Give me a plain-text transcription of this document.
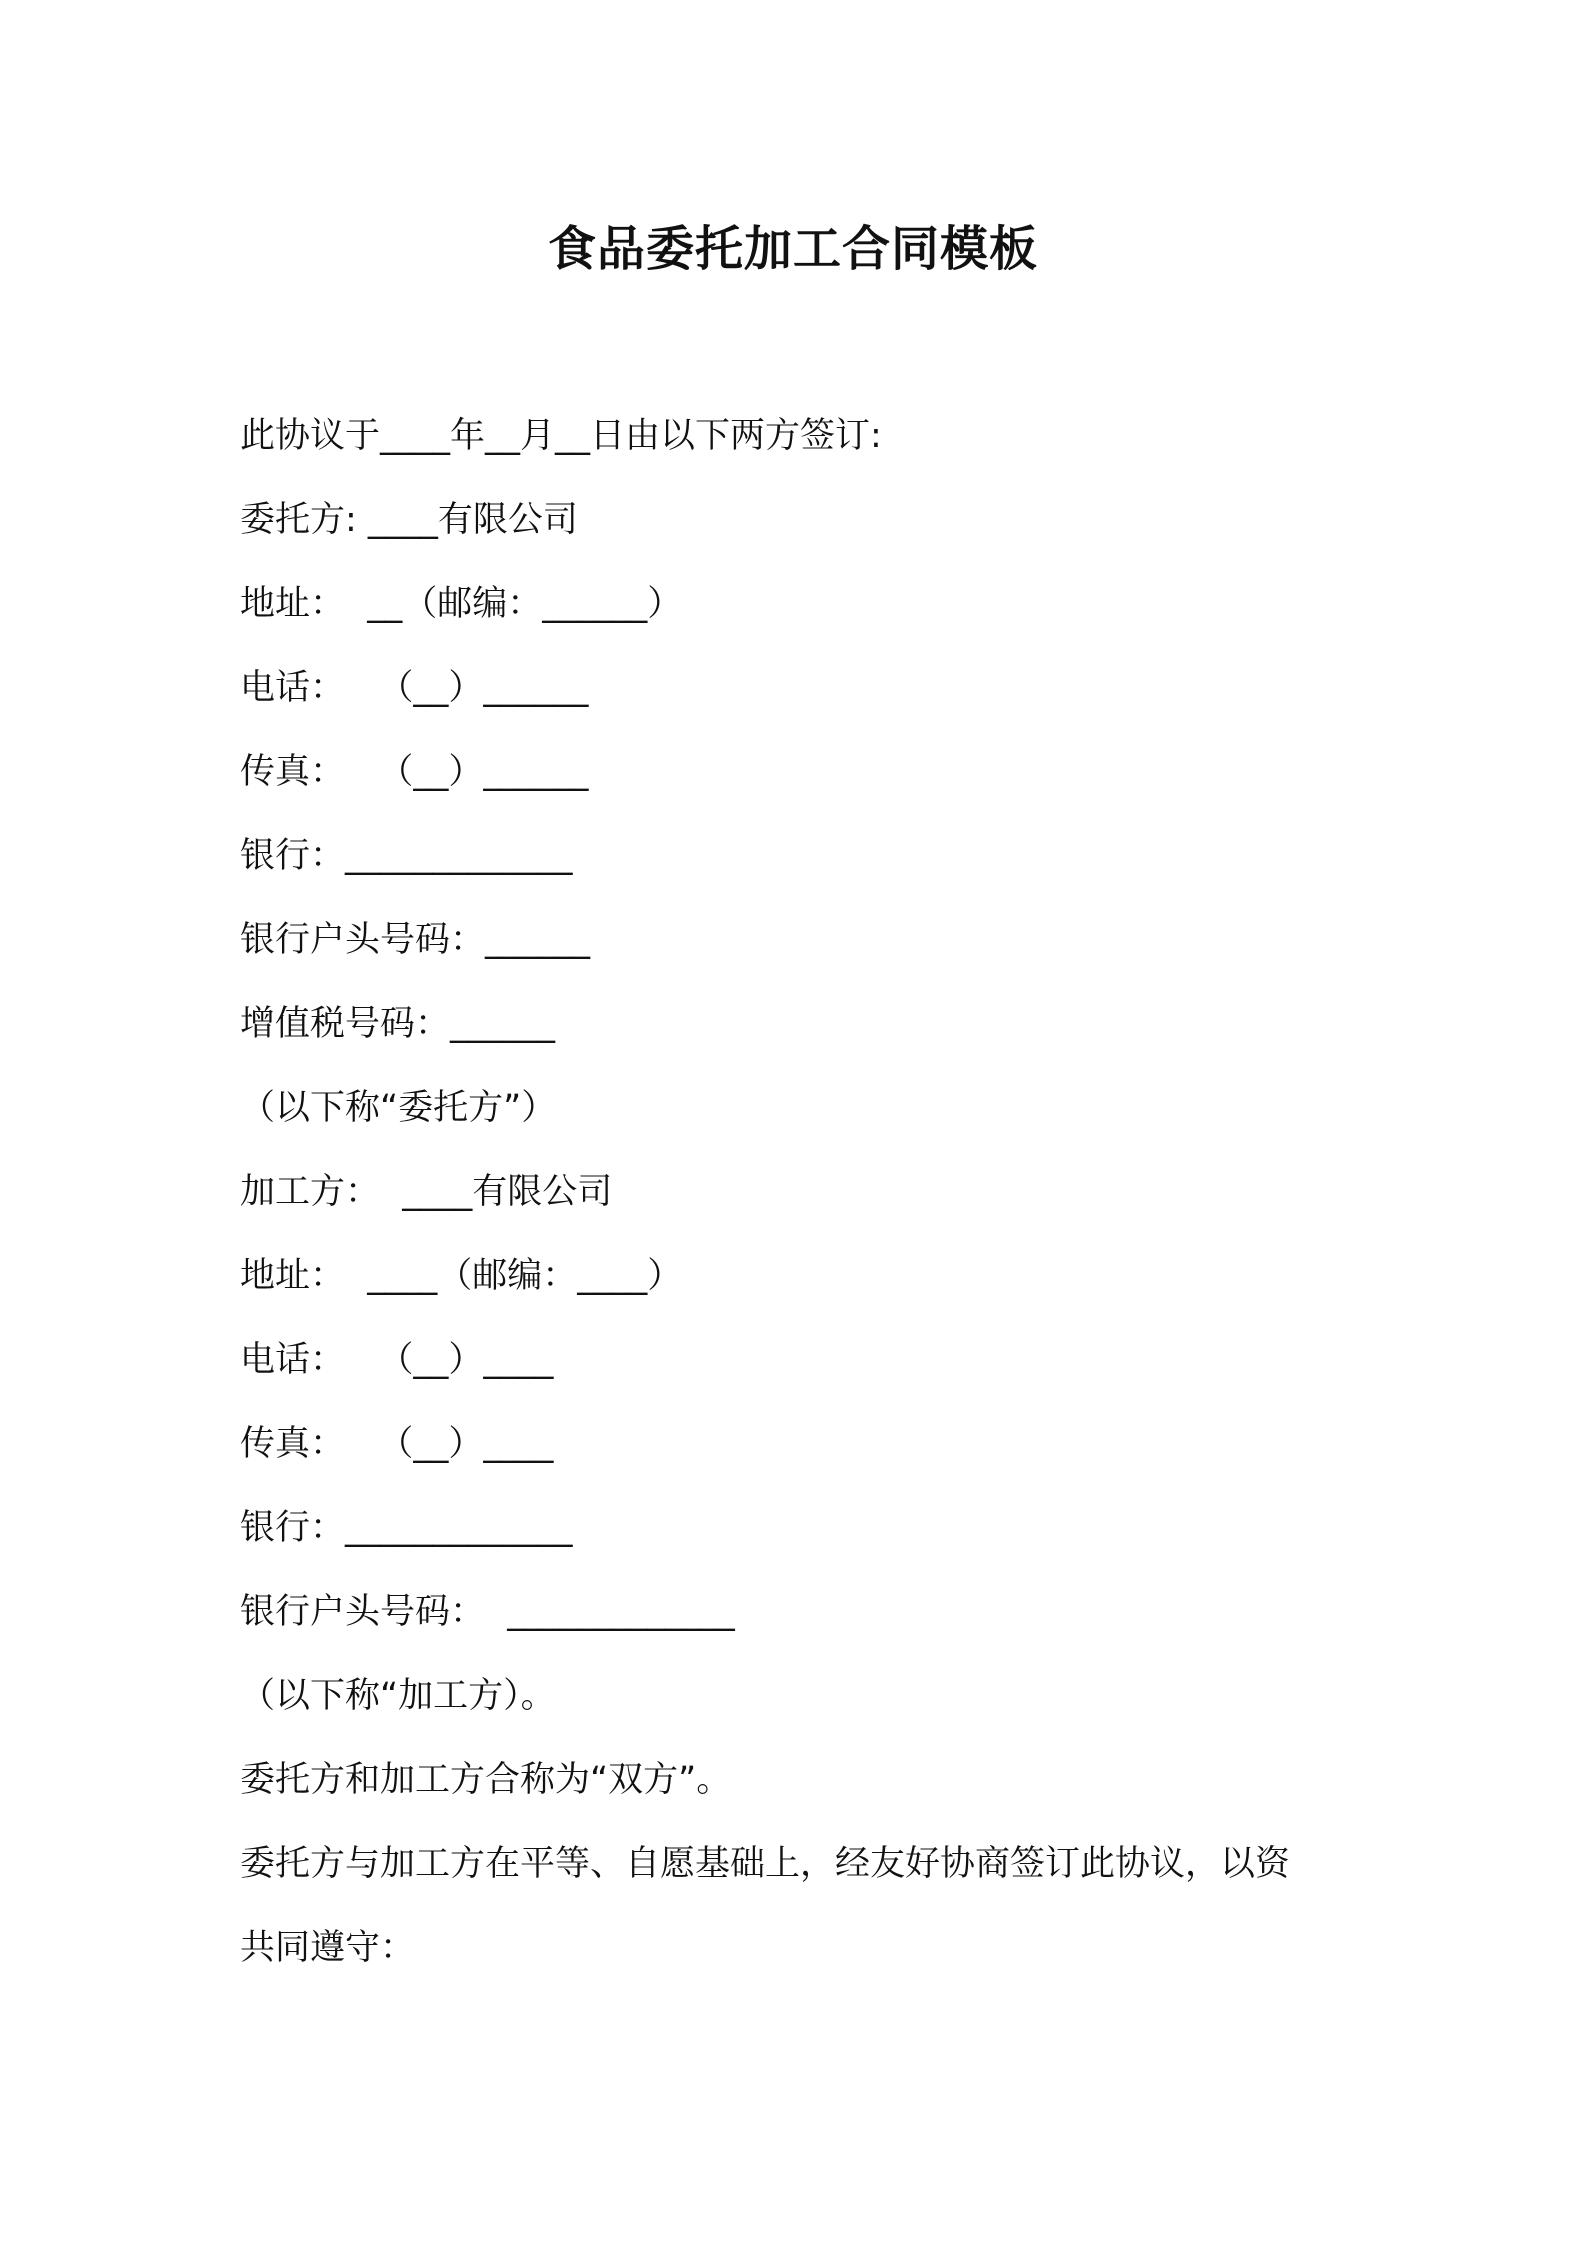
食品委托加工合同模板

此协议于____年__月__日由以下两方签订:

委托方: ____有限公司

地址：  __（邮编：______）

电话：   （__）______

传真：   （__）______

银行：_____________

银行户头号码：______

增值税号码：______

（以下称“委托方”）

加工方：  ____有限公司

地址：  ____（邮编：____）

电话：   （__）____

传真：   （__）____

银行：_____________

银行户头号码：  _____________

（以下称“加工方）。

委托方和加工方合称为“双方”。

委托方与加工方在平等、自愿基础上，经友好协商签订此协议，以资

共同遵守：
